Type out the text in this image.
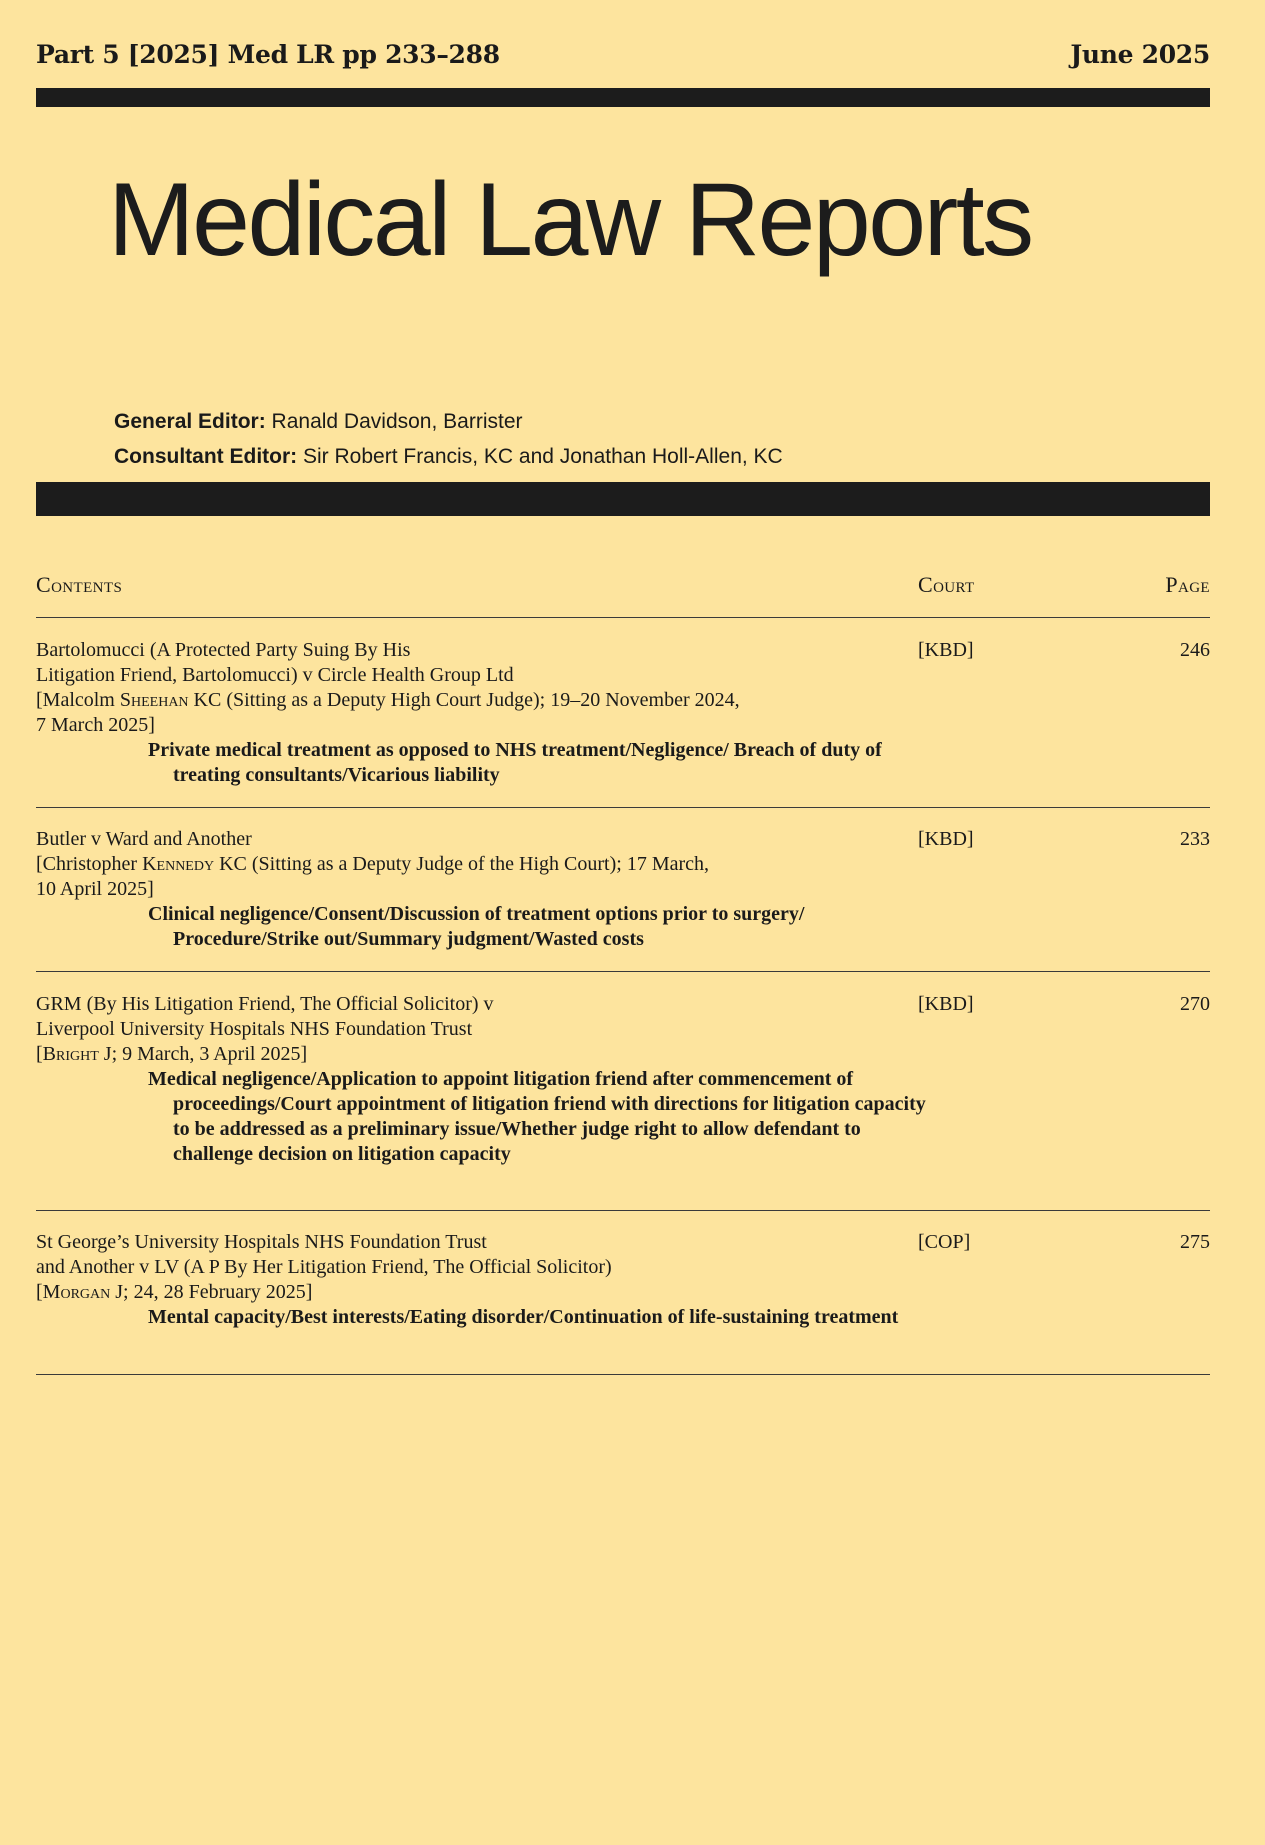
Part 5 [2025] Med LR pp 233–288	June 2025
Medical Law Reports
General Editor: Ranald Davidson, Barrister
Consultant Editor: Sir Robert Francis, KC and Jonathan Holl-Allen, KC
Contents	Court	Page
Bartolomucci (A Protected Party Suing By His
Litigation Friend, Bartolomucci) v Circle Health Group Ltd
[Malcolm Sheehan KC (Sitting as a Deputy High Court Judge); 19–20 November 2024,
7 March 2025]
Private medical treatment as opposed to NHS treatment/Negligence/ Breach of duty of treating consultants/Vicarious liability
[KBD]	246
Butler v Ward and Another
[Christopher Kennedy KC (Sitting as a Deputy Judge of the High Court); 17 March,
10 April 2025]
Clinical negligence/Consent/Discussion of treatment options prior to surgery/ Procedure/Strike out/Summary judgment/Wasted costs
[KBD]	233
GRM (By His Litigation Friend, The Official Solicitor) v
Liverpool University Hospitals NHS Foundation Trust
[Bright J; 9 March, 3 April 2025]
Medical negligence/Application to appoint litigation friend after commencement of proceedings/Court appointment of litigation friend with directions for litigation capacity to be addressed as a preliminary issue/Whether judge right to allow defendant to challenge decision on litigation capacity
[KBD]	270
St George’s University Hospitals NHS Foundation Trust
and Another v LV (A P By Her Litigation Friend, The Official Solicitor)
[Morgan J; 24, 28 February 2025]
Mental capacity/Best interests/Eating disorder/Continuation of life-sustaining treatment
[COP]	275
